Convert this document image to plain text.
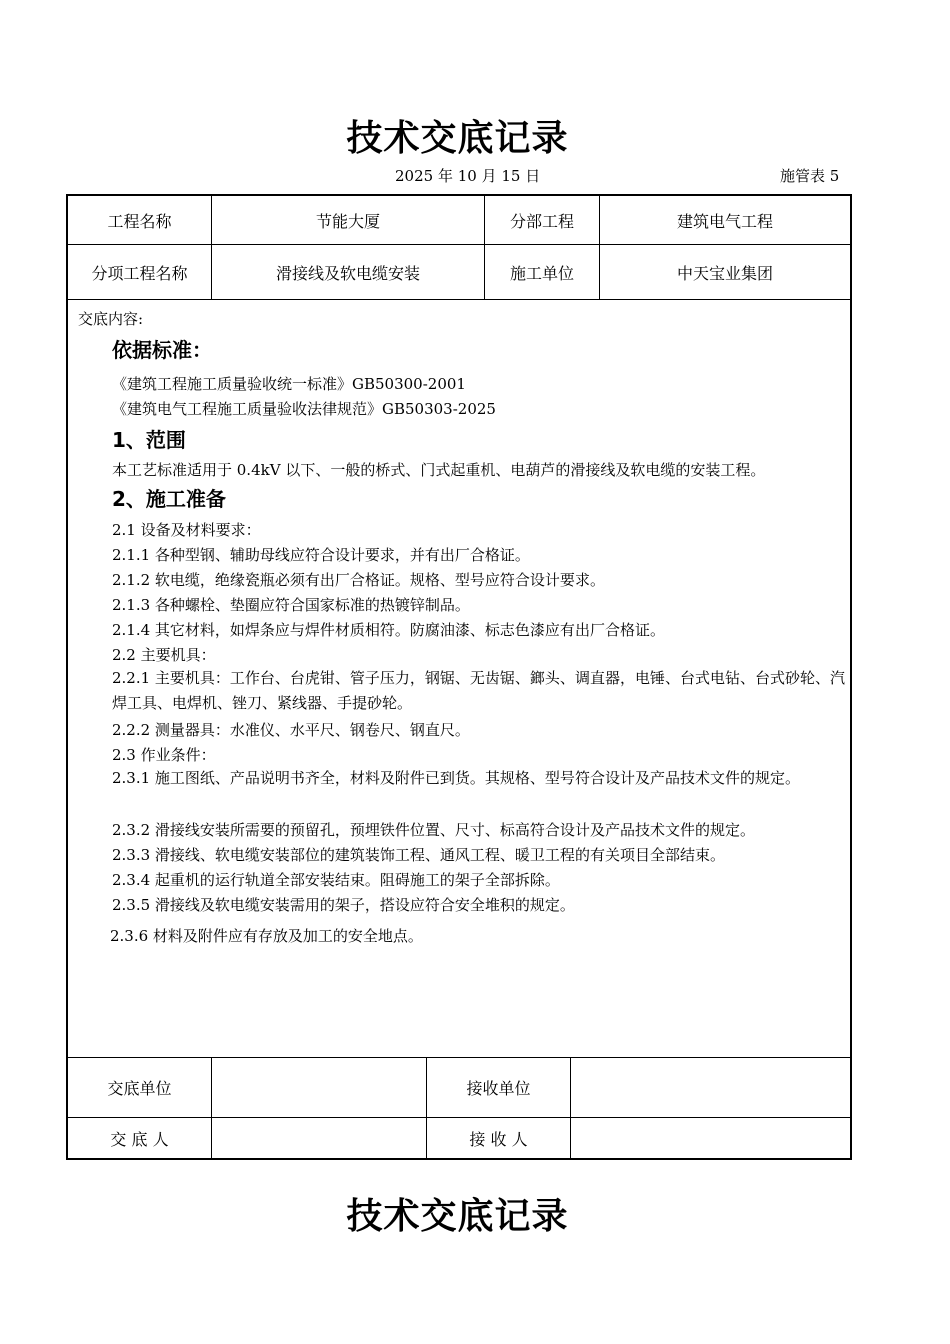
技术交底记录
2025 年 10 月 15 日	施管表 5
工程名称	节能大厦	分部工程	建筑电气工程
分项工程名称	滑接线及软电缆安装	施工单位	中天宝业集团
交底内容:
依据标准：
《建筑工程施工质量验收统一标准》GB50300-2001
《建筑电气工程施工质量验收法律规范》GB50303-2025
1、范围
本工艺标准适用于 0.4kV 以下、一般的桥式、门式起重机、电葫芦的滑接线及软电缆的安装工程。
2、施工准备
2.1 设备及材料要求：
2.1.1 各种型钢、辅助母线应符合设计要求，并有出厂合格证。
2.1.2 软电缆，绝缘瓷瓶必须有出厂合格证。规格、型号应符合设计要求。
2.1.3 各种螺栓、垫圈应符合国家标准的热镀锌制品。
2.1.4 其它材料，如焊条应与焊件材质相符。防腐油漆、标志色漆应有出厂合格证。
2.2 主要机具：
2.2.1 主要机具：工作台、台虎钳、管子压力，钢锯、无齿锯、鎯头、调直器，电锤、台式电钻、台式砂轮、汽焊工具、电焊机、锉刀、紧线器、手提砂轮。
2.2.2 测量器具：水准仪、水平尺、钢卷尺、钢直尺。
2.3 作业条件：
2.3.1 施工图纸、产品说明书齐全，材料及附件已到货。其规格、型号符合设计及产品技术文件的规定。
2.3.2 滑接线安装所需要的预留孔，预埋铁件位置、尺寸、标高符合设计及产品技术文件的规定。
2.3.3 滑接线、软电缆安装部位的建筑装饰工程、通风工程、暖卫工程的有关项目全部结束。
2.3.4 起重机的运行轨道全部安装结束。阻碍施工的架子全部拆除。
2.3.5 滑接线及软电缆安装需用的架子，搭设应符合安全堆积的规定。
2.3.6 材料及附件应有存放及加工的安全地点。
交底单位	接收单位
交 底 人	接 收 人
技术交底记录
